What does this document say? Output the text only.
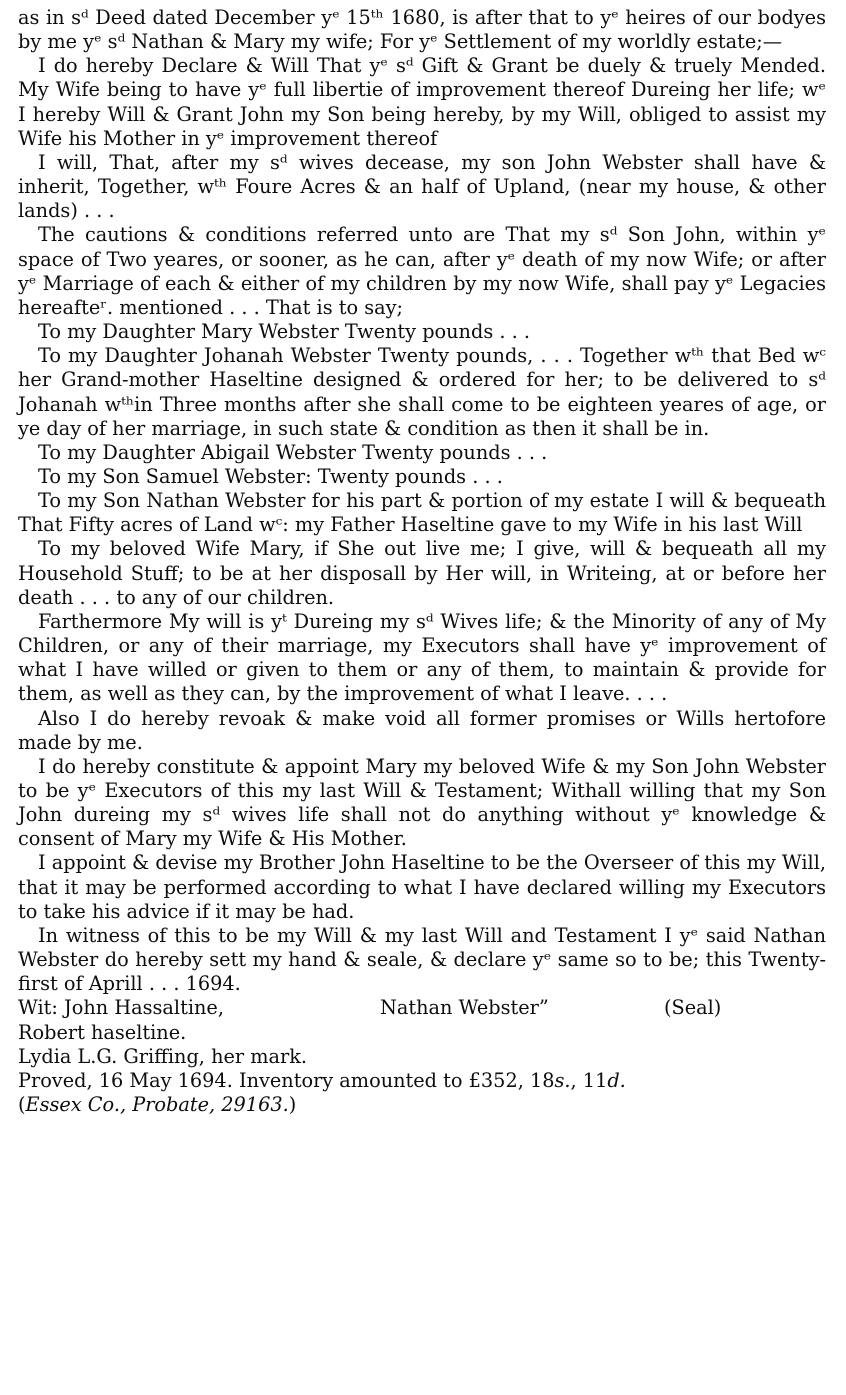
as in sᵈ Deed dated December yᵉ 15ᵗʰ 1680, is after that to yᵉ heires of our bodyes by me yᵉ sᵈ Nathan & Mary my wife; For yᵉ Settlement of my worldly estate;—

I do hereby Declare & Will That yᵉ sᵈ Gift & Grant be duely & truely Mended. My Wife being to have yᵉ full libertie of improvement thereof Dureing her life; wᵉ I hereby Will & Grant John my Son being hereby, by my Will, obliged to assist my Wife his Mother in yᵉ improvement thereof

I will, That, after my sᵈ wives decease, my son John Webster shall have & inherit, Together, wᵗʰ Foure Acres & an half of Upland, (near my house, & other lands) . . .

The cautions & conditions referred unto are That my sᵈ Son John, within yᵉ space of Two yeares, or sooner, as he can, after yᵉ death of my now Wife; or after yᵉ Marriage of each & either of my children by my now Wife, shall pay yᵉ Legacies hereafteʳ. mentioned . . . That is to say;

To my Daughter Mary Webster Twenty pounds . . .

To my Daughter Johanah Webster Twenty pounds, . . . Together wᵗʰ that Bed wᶜ her Grand-mother Haseltine designed & ordered for her; to be delivered to sᵈ Johanah wᵗʰin Three months after she shall come to be eighteen yeares of age, or ye day of her marriage, in such state & condition as then it shall be in.

To my Daughter Abigail Webster Twenty pounds . . .

To my Son Samuel Webster: Twenty pounds . . .

To my Son Nathan Webster for his part & portion of my estate I will & bequeath That Fifty acres of Land wᶜ: my Father Haseltine gave to my Wife in his last Will

To my beloved Wife Mary, if She out live me; I give, will & bequeath all my Household Stuff; to be at her disposall by Her will, in Writeing, at or before her death . . . to any of our children.

Farthermore My will is yᵗ Dureing my sᵈ Wives life; & the Minority of any of My Children, or any of their marriage, my Executors shall have yᵉ improvement of what I have willed or given to them or any of them, to maintain & provide for them, as well as they can, by the improvement of what I leave. . . .

Also I do hereby revoak & make void all former promises or Wills hertofore made by me.

I do hereby constitute & appoint Mary my beloved Wife & my Son John Webster to be yᵉ Executors of this my last Will & Testament; Withall willing that my Son John dureing my sᵈ wives life shall not do anything without yᵉ knowledge & consent of Mary my Wife & His Mother.

I appoint & devise my Brother John Haseltine to be the Overseer of this my Will, that it may be performed according to what I have declared willing my Executors to take his advice if it may be had.

In witness of this to be my Will & my last Will and Testament I yᵉ said Nathan Webster do hereby sett my hand & seale, & declare yᵉ same so to be; this Twenty-first of Aprill . . . 1694.

Wit: John Hassaltine,	Nathan Webster”	(Seal)

Robert haseltine.

Lydia L.G. Griffing, her mark.

Proved, 16 May 1694. Inventory amounted to £352, 18s., 11d.

(Essex Co., Probate, 29163.)
